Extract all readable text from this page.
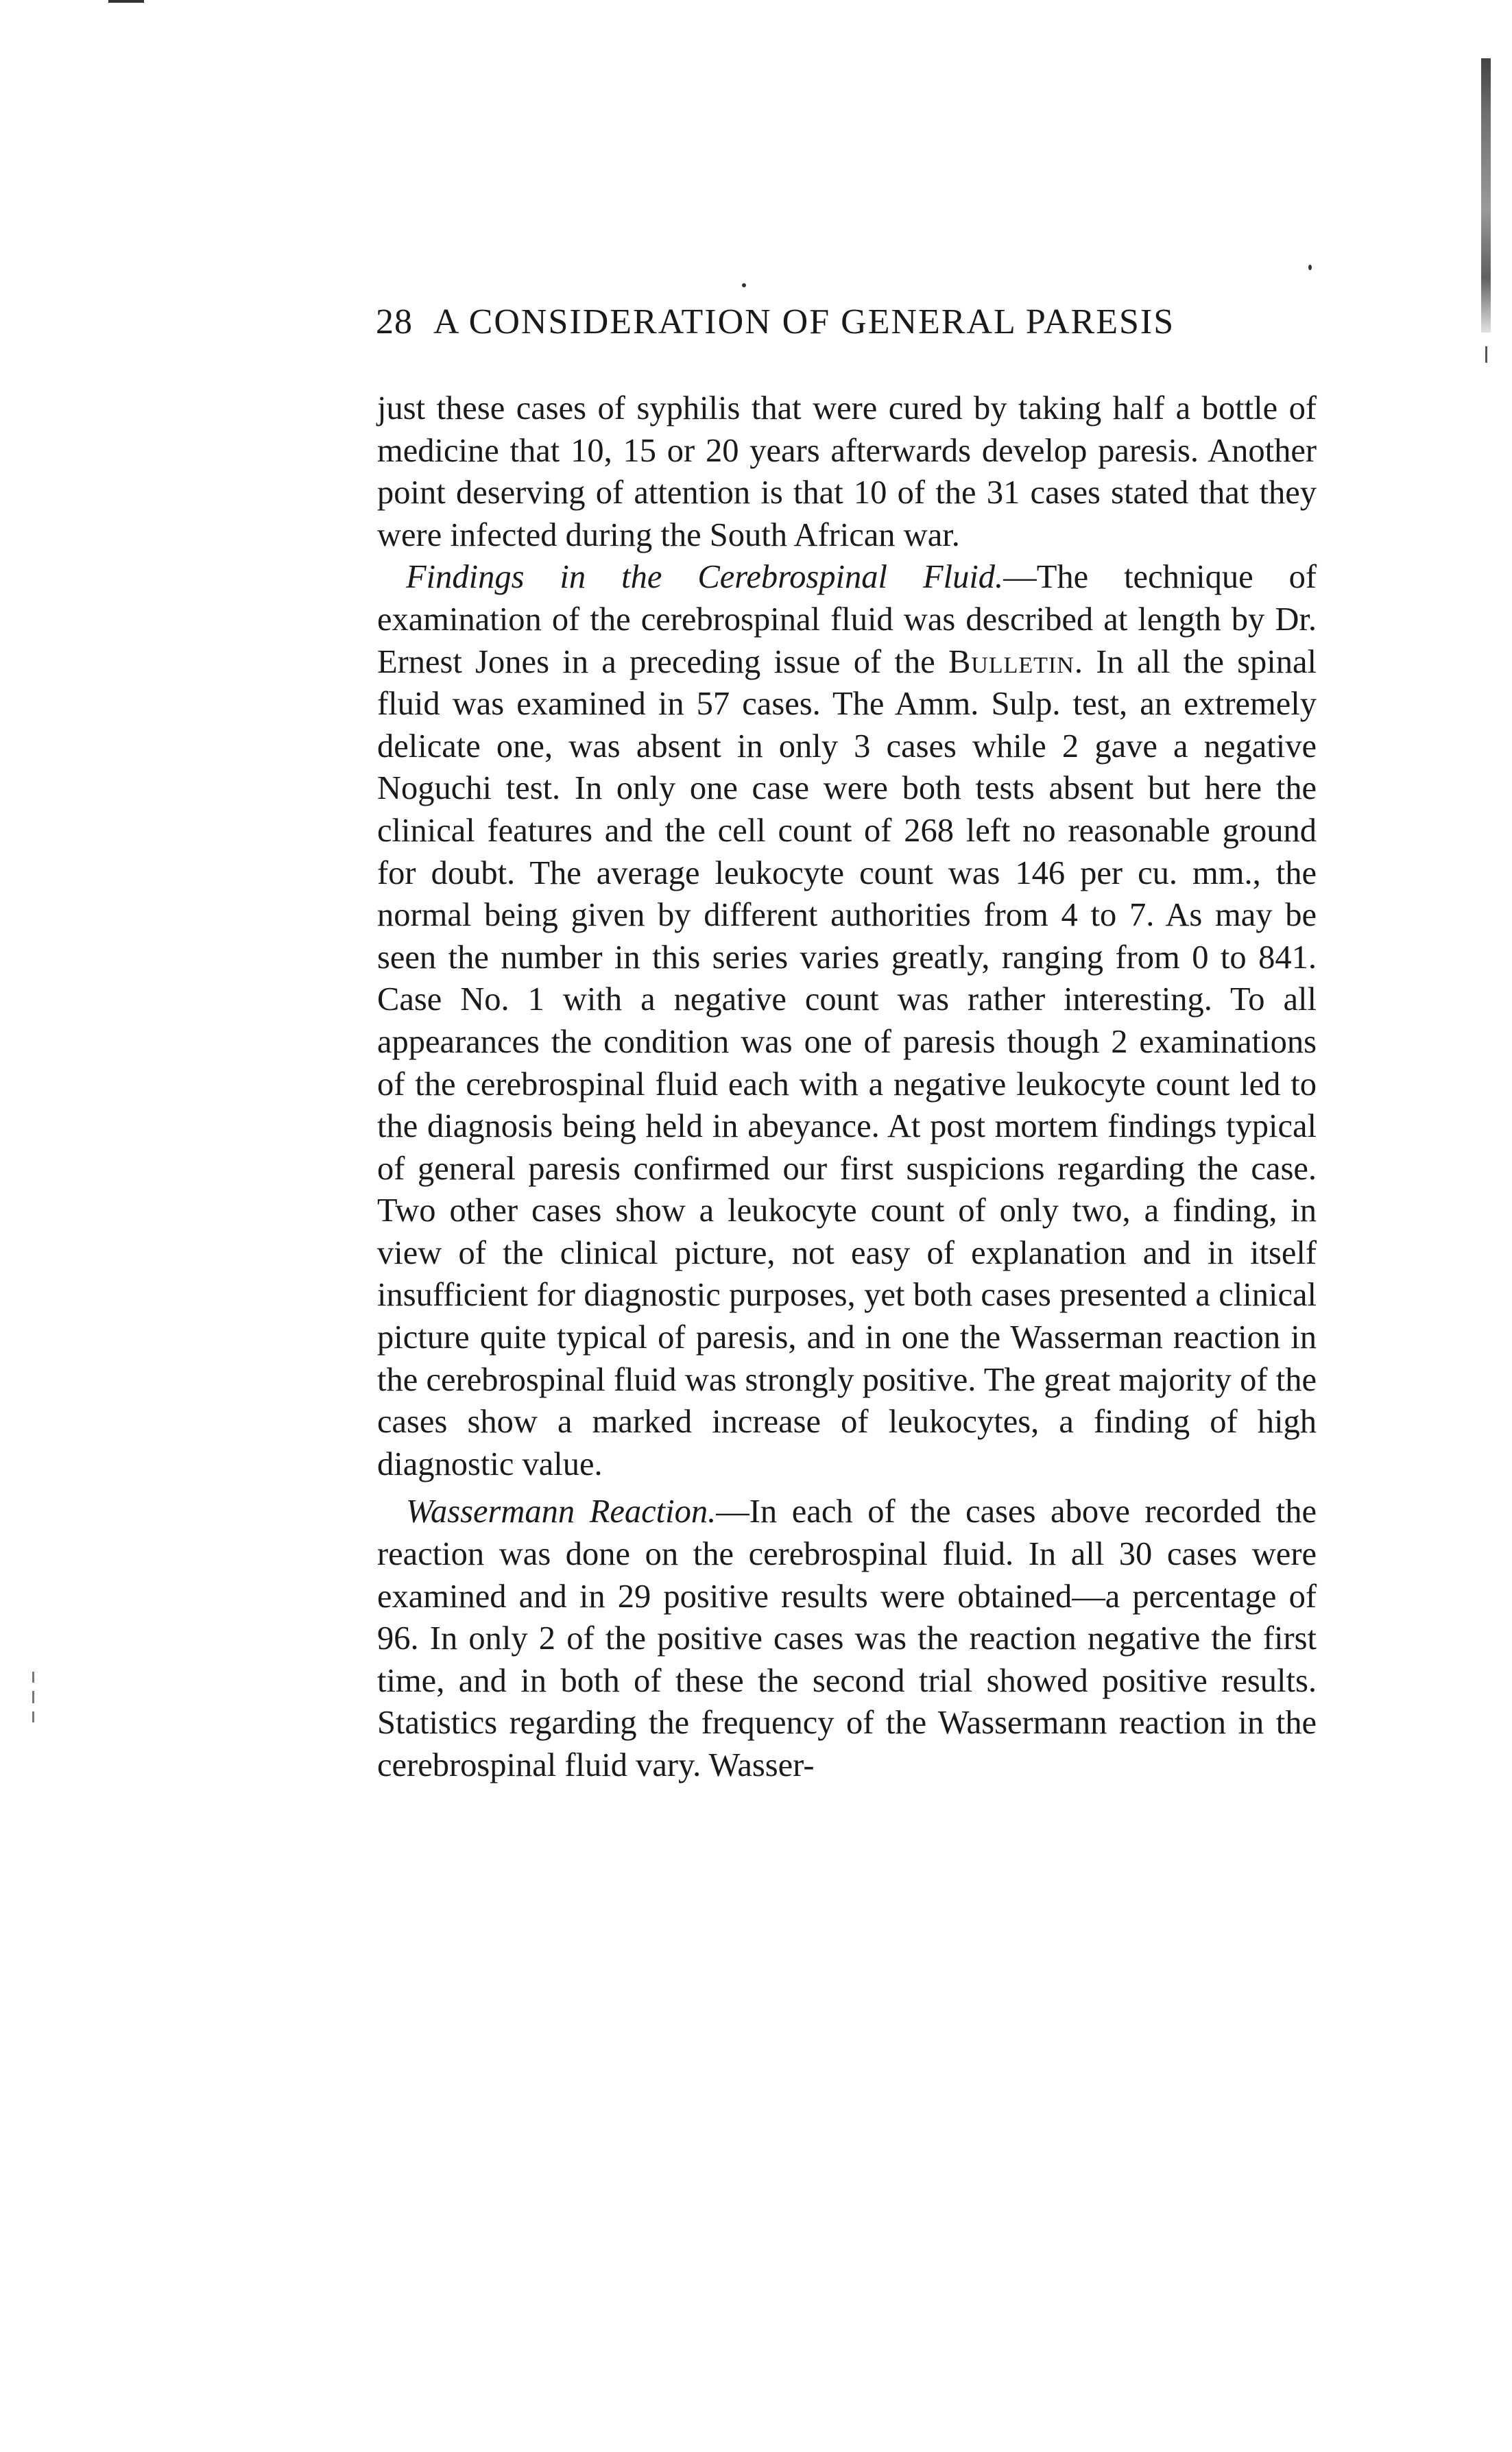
28 A CONSIDERATION OF GENERAL PARESIS

just these cases of syphilis that were cured by taking half a bottle of medicine that 10, 15 or 20 years afterwards develop paresis. Another point deserving of attention is that 10 of the 31 cases stated that they were infected during the South African war.

Findings in the Cerebrospinal Fluid.—The technique of examination of the cerebrospinal fluid was described at length by Dr. Ernest Jones in a preceding issue of the Bulletin. In all the spinal fluid was examined in 57 cases. The Amm. Sulp. test, an extremely delicate one, was absent in only 3 cases while 2 gave a negative Noguchi test. In only one case were both tests absent but here the clinical features and the cell count of 268 left no reasonable ground for doubt. The average leukocyte count was 146 per cu. mm., the normal being given by different authorities from 4 to 7. As may be seen the number in this series varies greatly, ranging from 0 to 841. Case No. 1 with a negative count was rather interesting. To all appearances the condition was one of paresis though 2 examinations of the cerebrospinal fluid each with a negative leukocyte count led to the diagnosis being held in abeyance. At post mortem findings typical of general paresis confirmed our first suspicions regarding the case. Two other cases show a leukocyte count of only two, a finding, in view of the clinical picture, not easy of explanation and in itself insufficient for diagnostic purposes, yet both cases presented a clinical picture quite typical of paresis, and in one the Wasserman reaction in the cerebrospinal fluid was strongly positive. The great majority of the cases show a marked increase of leukocytes, a finding of high diagnostic value.

Wassermann Reaction.—In each of the cases above recorded the reaction was done on the cerebrospinal fluid. In all 30 cases were examined and in 29 positive results were obtained—a percentage of 96. In only 2 of the positive cases was the reaction negative the first time, and in both of these the second trial showed positive results. Statistics regarding the frequency of the Wassermann reaction in the cerebrospinal fluid vary. Wasser-
